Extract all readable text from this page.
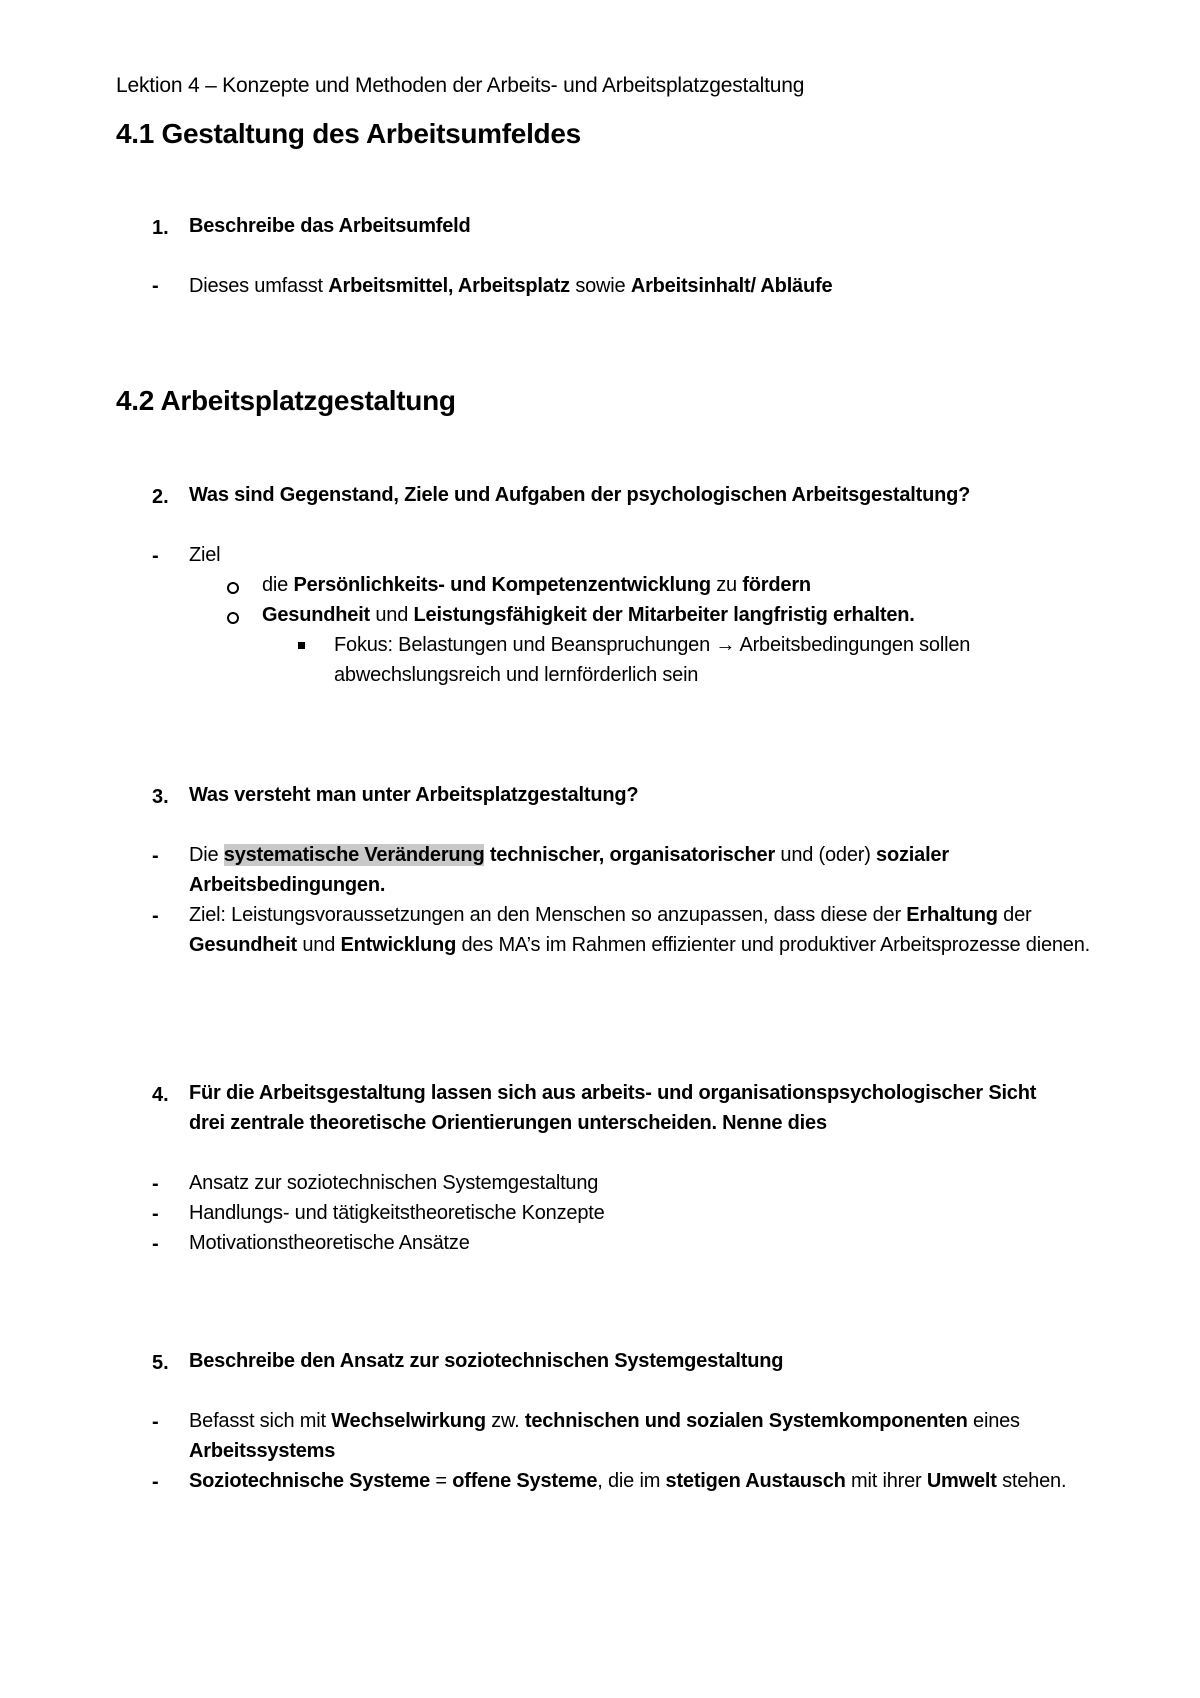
Lektion 4 – Konzepte und Methoden der Arbeits- und Arbeitsplatzgestaltung
4.1 Gestaltung des Arbeitsumfeldes
1. Beschreibe das Arbeitsumfeld
- Dieses umfasst Arbeitsmittel, Arbeitsplatz sowie Arbeitsinhalt/ Abläufe
4.2 Arbeitsplatzgestaltung
2. Was sind Gegenstand, Ziele und Aufgaben der psychologischen Arbeitsgestaltung?
- Ziel
die Persönlichkeits- und Kompetenzentwicklung zu fördern
Gesundheit und Leistungsfähigkeit der Mitarbeiter langfristig erhalten.
Fokus: Belastungen und Beanspruchungen → Arbeitsbedingungen sollen abwechslungsreich und lernförderlich sein
3. Was versteht man unter Arbeitsplatzgestaltung?
- Die systematische Veränderung technischer, organisatorischer und (oder) sozialer Arbeitsbedingungen.
- Ziel: Leistungsvoraussetzungen an den Menschen so anzupassen, dass diese der Erhaltung der Gesundheit und Entwicklung des MA’s im Rahmen effizienter und produktiver Arbeitsprozesse dienen.
4. Für die Arbeitsgestaltung lassen sich aus arbeits- und organisationspsychologischer Sicht
drei zentrale theoretische Orientierungen unterscheiden. Nenne dies
- Ansatz zur soziotechnischen Systemgestaltung
- Handlungs- und tätigkeitstheoretische Konzepte
- Motivationstheoretische Ansätze
5. Beschreibe den Ansatz zur soziotechnischen Systemgestaltung
- Befasst sich mit Wechselwirkung zw. technischen und sozialen Systemkomponenten eines Arbeitssystems
- Soziotechnische Systeme = offene Systeme, die im stetigen Austausch mit ihrer Umwelt stehen.
